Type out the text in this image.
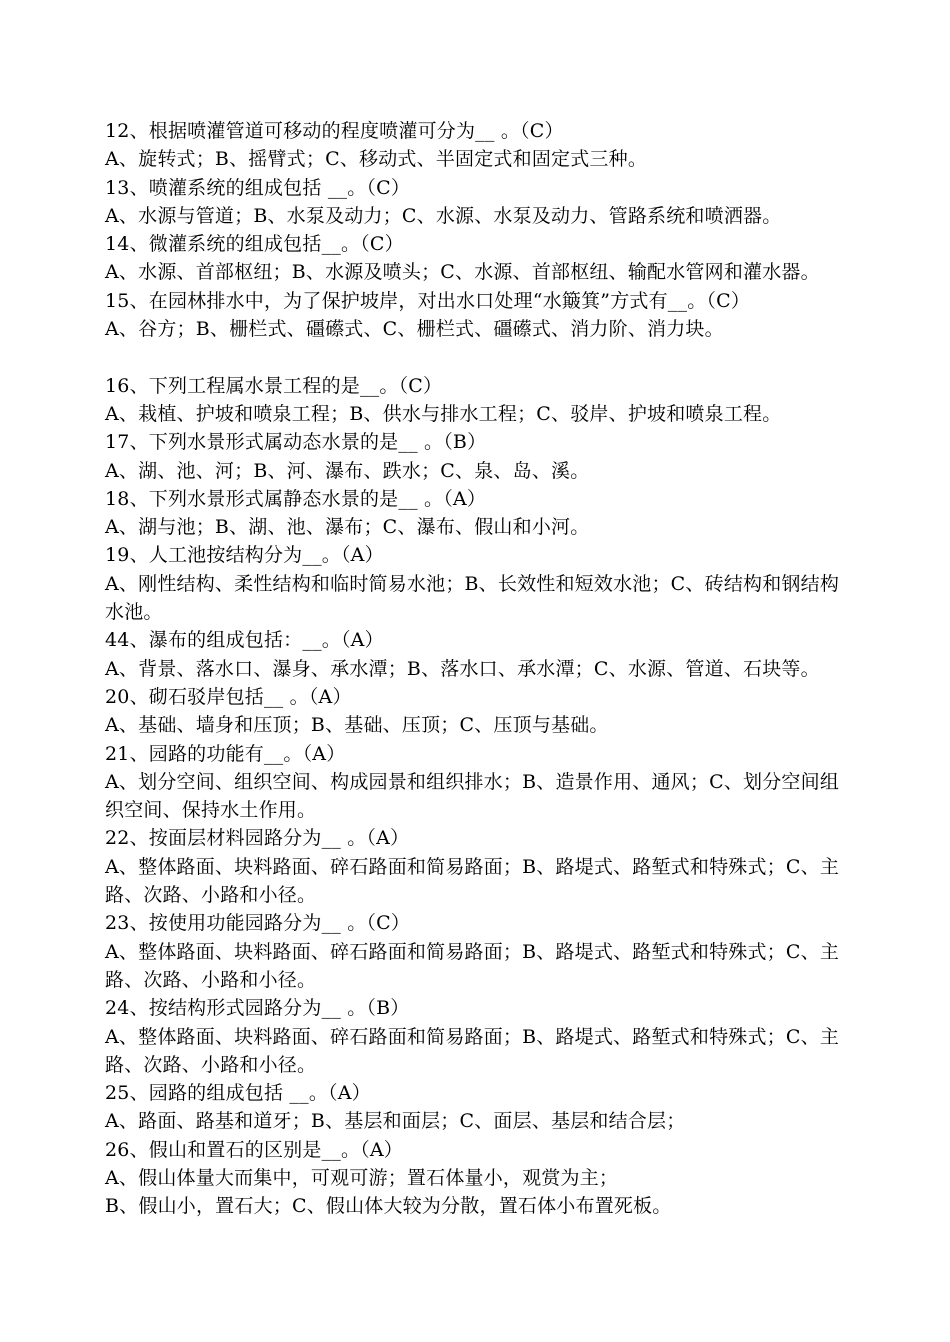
12、根据喷灌管道可移动的程度喷灌可分为__ 。（C）
A、旋转式；B、摇臂式；C、移动式、半固定式和固定式三种。
13、喷灌系统的组成包括 __。（C）
A、水源与管道；B、水泵及动力；C、水源、水泵及动力、管路系统和喷洒器。
14、微灌系统的组成包括__。（C）
A、水源、首部枢纽；B、水源及喷头；C、水源、首部枢纽、输配水管网和灌水器。
15、在园林排水中，为了保护坡岸，对出水口处理“水簸箕”方式有__。（C）
A、谷方；B、栅栏式、礓礤式、C、栅栏式、礓礤式、消力阶、消力块。
16、下列工程属水景工程的是__。（C）
A、栽植、护坡和喷泉工程；B、供水与排水工程；C、驳岸、护坡和喷泉工程。
17、下列水景形式属动态水景的是__ 。（B）
A、湖、池、河；B、河、瀑布、跌水；C、泉、岛、溪。
18、下列水景形式属静态水景的是__ 。（A）
A、湖与池；B、湖、池、瀑布；C、瀑布、假山和小河。
19、人工池按结构分为__。（A）
A、刚性结构、柔性结构和临时简易水池；B、长效性和短效水池；C、砖结构和钢结构水池。
44、瀑布的组成包括：__。（A）
A、背景、落水口、瀑身、承水潭；B、落水口、承水潭；C、水源、管道、石块等。
20、砌石驳岸包括__ 。（A）
A、基础、墙身和压顶；B、基础、压顶；C、压顶与基础。
21、园路的功能有__。（A）
A、划分空间、组织空间、构成园景和组织排水；B、造景作用、通风；C、划分空间组织空间、保持水土作用。
22、按面层材料园路分为__ 。（A）
A、整体路面、块料路面、碎石路面和简易路面；B、路堤式、路堑式和特殊式；C、主路、次路、小路和小径。
23、按使用功能园路分为__ 。（C）
A、整体路面、块料路面、碎石路面和简易路面；B、路堤式、路堑式和特殊式；C、主路、次路、小路和小径。
24、按结构形式园路分为__ 。（B）
A、整体路面、块料路面、碎石路面和简易路面；B、路堤式、路堑式和特殊式；C、主路、次路、小路和小径。
25、园路的组成包括 __。（A）
A、路面、路基和道牙；B、基层和面层；C、面层、基层和结合层；
26、假山和置石的区别是__。（A）
A、假山体量大而集中，可观可游；置石体量小，观赏为主；
B、假山小，置石大；C、假山体大较为分散，置石体小布置死板。
